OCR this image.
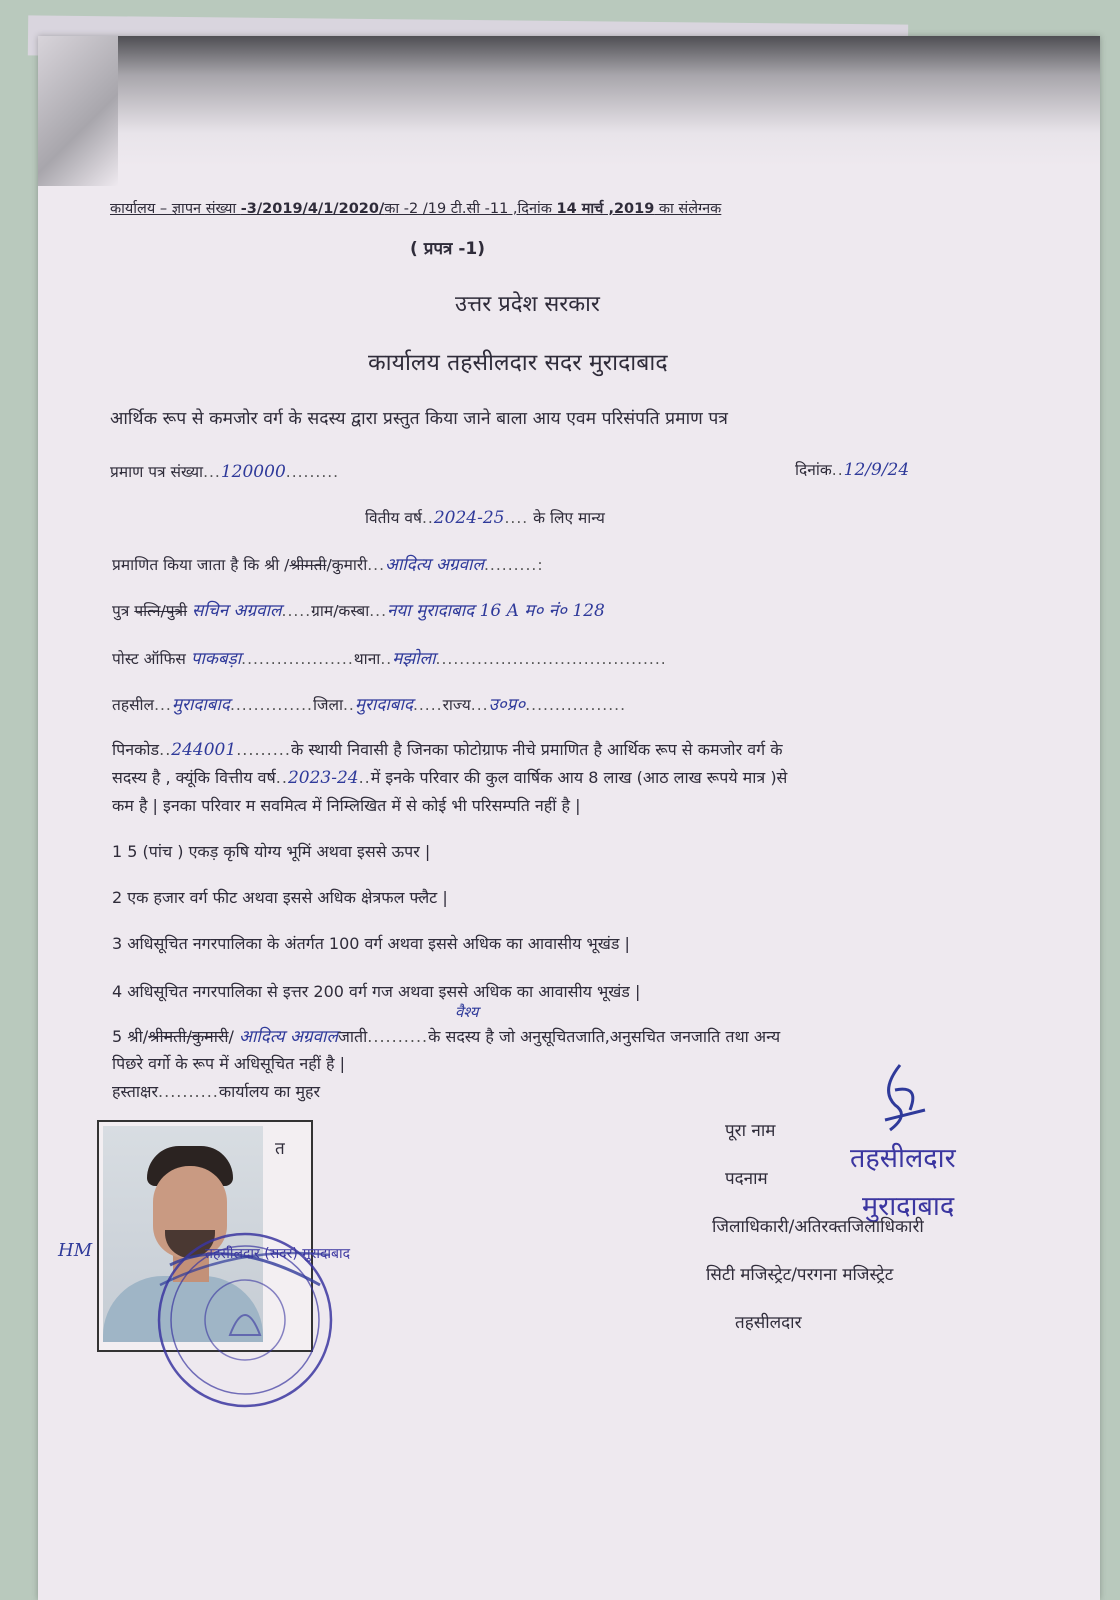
कार्यालय – ज्ञापन संख्या -3/2019/4/1/2020/का -2 /19 टी.सी -11 ,दिनांक 14 मार्च ,2019 का संलेग्नक
( प्रपत्र -1)
उत्तर प्रदेश सरकार
कार्यालय तहसीलदार सदर मुरादाबाद
आर्थिक रूप से कमजोर वर्ग के सदस्य द्वारा प्रस्तुत किया जाने बाला आय एवम परिसंपति प्रमाण पत्र
प्रमाण पत्र संख्या...120000.........	दिनांक..12/9/24
वितीय वर्ष..2024-25.... के लिए मान्य
प्रमाणित किया जाता है कि श्री /श्रीमती/कुमारी...आदित्य अग्रवाल.........:
पुत्र पत्नि/पुत्री सचिन अग्रवाल.....ग्राम/कस्बा...नया मुरादाबाद 16 A म० नं० 128
पोस्ट ऑफिस पाकबड़ा...................थाना..मझोला.......................................
तहसील...मुरादाबाद..............जिला..मुरादाबाद.....राज्य...उ०प्र०.................
पिनकोड..244001.........के स्थायी निवासी है जिनका फोटोग्राफ नीचे प्रमाणित है आर्थिक रूप से कमजोर वर्ग के
सदस्य है , क्यूंकि वित्तीय वर्ष..2023-24..में इनके परिवार की कुल वार्षिक आय 8 लाख (आठ लाख रूपये मात्र )से
कम है | इनका परिवार म सवमित्व में निम्लिखित में से कोई भी परिसम्पति नहीं है |
1 5 (पांच ) एकड़ कृषि योग्य भूमिं अथवा इससे ऊपर |
2 एक हजार वर्ग फीट अथवा इससे अधिक क्षेत्रफल फ्लैट |
3 अधिसूचित नगरपालिका के अंतर्गत 100 वर्ग अथवा इससे अधिक का आवासीय भूखंड |
4 अधिसूचित नगरपालिका से इत्तर 200 वर्ग गज अथवा इससे अधिक का आवासीय भूखंड |
5 श्री/श्रीमती/कुमारी/ आदित्य अग्रवालजाती..........के सदस्य है जो अनुसूचितजाति,अनुसचित जनजाति तथा अन्य
वैश्य
पिछरे वर्गो के रूप में अधिसूचित नहीं है |
हस्ताक्षर..........कार्यालय का मुहर
त
HM	तहसीलदार (सदर) मुरादाबाद
पूरा नाम
पदनाम
तहसीलदार
मुरादाबाद
जिलाधिकारी/अतिरक्तजिलाधिकारी
सिटी मजिस्ट्रेट/परगना मजिस्ट्रेट
तहसीलदार
